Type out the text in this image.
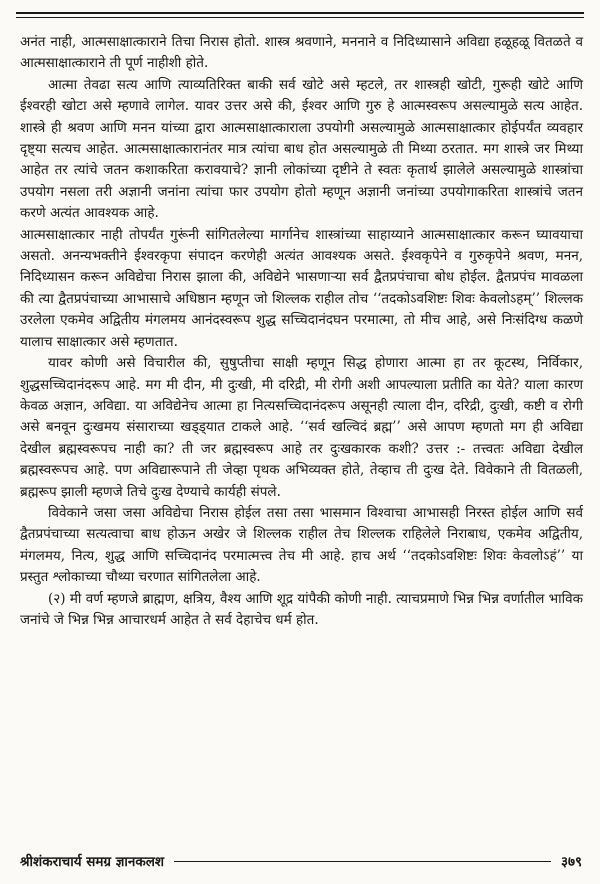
अनंत नाही, आत्मसाक्षात्काराने तिचा निरास होतो. शास्त्र श्रवणाने, मननाने व निदिध्यासाने अविद्या हळूहळू वितळते व आत्मसाक्षात्काराने ती पूर्ण नाहीशी होते.

आत्मा तेवढा सत्य आणि त्याव्यतिरिक्त बाकी सर्व खोटे असे म्हटले, तर शास्त्रही खोटी, गुरूही खोटे आणि ईश्वरही खोटा असे म्हणावे लागेल. यावर उत्तर असे की, ईश्वर आणि गुरु हे आत्मस्वरूप असल्यामुळे सत्य आहेत. शास्त्रे ही श्रवण आणि मनन यांच्या द्वारा आत्मसाक्षात्काराला उपयोगी असल्यामुळे आत्मसाक्षात्कार होईपर्यंत व्यवहार दृष्ट्या सत्यच आहेत. आत्मसाक्षात्कारानंतर मात्र त्यांचा बाध होत असल्यामुळे ती मिथ्या ठरतात. मग शास्त्रे जर मिथ्या आहेत तर त्यांचे जतन कशाकरिता करावयाचे? ज्ञानी लोकांच्या दृष्टीने ते स्वतः कृतार्थ झालेले असल्यामुळे शास्त्रांचा उपयोग नसला तरी अज्ञानी जनांना त्यांचा फार उपयोग होतो म्हणून अज्ञानी जनांच्या उपयोगाकरिता शास्त्रांचे जतन करणे अत्यंत आवश्यक आहे.

आत्मसाक्षात्कार नाही तोपर्यंत गुरूंनी सांगितलेल्या मार्गानेच शास्त्रांच्या साहाय्याने आत्मसाक्षात्कार करून घ्यावयाचा असतो. अनन्यभक्तीने ईश्वरकृपा संपादन करणेही अत्यंत आवश्यक असते. ईश्वकृपेने व गुरुकृपेने श्रवण, मनन, निदिध्यासन करून अविद्येचा निरास झाला की, अविद्येने भासणाऱ्या सर्व द्वैतप्रपंचाचा बोध होईल. द्वैतप्रपंच मावळला की त्या द्वैतप्रपंचाच्या आभासाचे अधिष्ठान म्हणून जो शिल्लक राहील तोच ‘‘तदकोऽवशिष्टः शिवः केवलोऽहम्’’ शिल्लक उरलेला एकमेव अद्वितीय मंगलमय आनंदस्वरूप शुद्ध सच्चिदानंदघन परमात्मा, तो मीच आहे, असे निःसंदिग्ध कळणे यालाच साक्षात्कार असे म्हणतात.

यावर कोणी असे विचारील की, सुषुप्तीचा साक्षी म्हणून सिद्ध होणारा आत्मा हा तर कूटस्थ, निर्विकार, शुद्धसच्चिदानंदरूप आहे. मग मी दीन, मी दुःखी, मी दरिद्री, मी रोगी अशी आपल्याला प्रतीति का येते? याला कारण केवळ अज्ञान, अविद्या. या अविद्येनेच आत्मा हा नित्यसच्चिदानंदरूप असूनही त्याला दीन, दरिद्री, दुःखी, कष्टी व रोगी असे बनवून दुःखमय संसाराच्या खड्ड्यात टाकले आहे. ‘‘सर्व खल्विदं ब्रह्म’’ असे आपण म्हणतो मग ही अविद्या देखील ब्रह्मस्वरूपच नाही का? ती जर ब्रह्मस्वरूप आहे तर दुःखकारक कशी? उत्तर :- तत्त्वतः अविद्या देखील ब्रह्मस्वरूपच आहे. पण अविद्यारूपाने ती जेव्हा पृथक अभिव्यक्त होते, तेव्हाच ती दुःख देते. विवेकाने ती वितळली, ब्रह्मरूप झाली म्हणजे तिचे दुःख देण्याचे कार्यही संपले.

विवेकाने जसा जसा अविद्येचा निरास होईल तसा तसा भासमान विश्वाचा आभासही निरस्त होईल आणि सर्व द्वैतप्रपंचाच्या सत्यत्वाचा बाध होऊन अखेर जे शिल्लक राहील तेच शिल्लक राहिलेले निराबाध, एकमेव अद्वितीय, मंगलमय, नित्य, शुद्ध आणि सच्चिदानंद परमात्मत्त्व तेच मी आहे. हाच अर्थ ‘‘तदकोऽवशिष्टः शिवः केवलोऽहं’’ या प्रस्तुत श्लोकाच्या चौथ्या चरणात सांगितलेला आहे.

(२) मी वर्ण म्हणजे ब्राह्मण, क्षत्रिय, वैश्य आणि शूद्र यांपैकी कोणी नाही. त्याचप्रमाणे भिन्न भिन्न वर्णातील भाविक जनांचे जे भिन्न भिन्न आचारधर्म आहेत ते सर्व देहाचेच धर्म होत.

श्रीशंकराचार्य समग्र ज्ञानकलश	३७९
